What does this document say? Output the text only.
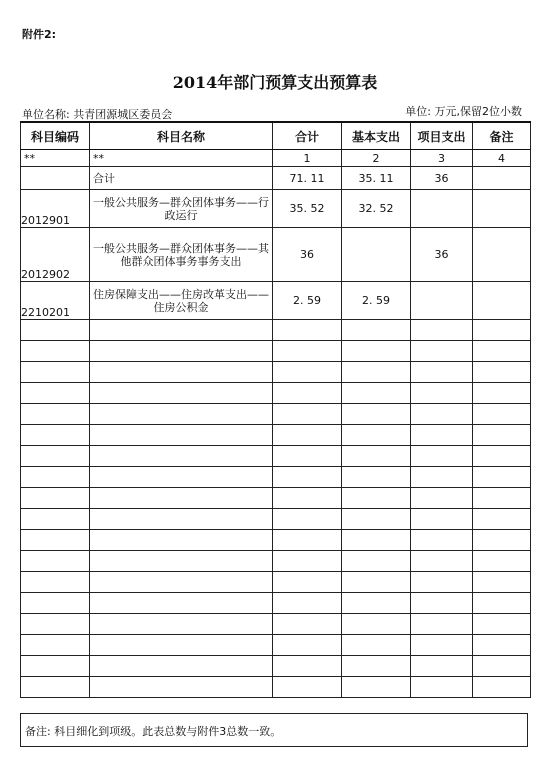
附件2:
2014年部门预算支出预算表
单位名称: 共青团源城区委员会	单位: 万元,保留2位小数
科目编码	科目名称	合计	基本支出	项目支出	备注
**	**	1	2	3	4
	合计	71. 11	35. 11	36	
2012901	一般公共服务—群众团体事务——行政运行	35. 52	32. 52		
2012902	一般公共服务—群众团体事务——其他群众团体事务事务支出	36		36	
2210201	住房保障支出——住房改革支出——住房公积金	2. 59	2. 59		

备注: 科目细化到项级。此表总数与附件3总数一致。
